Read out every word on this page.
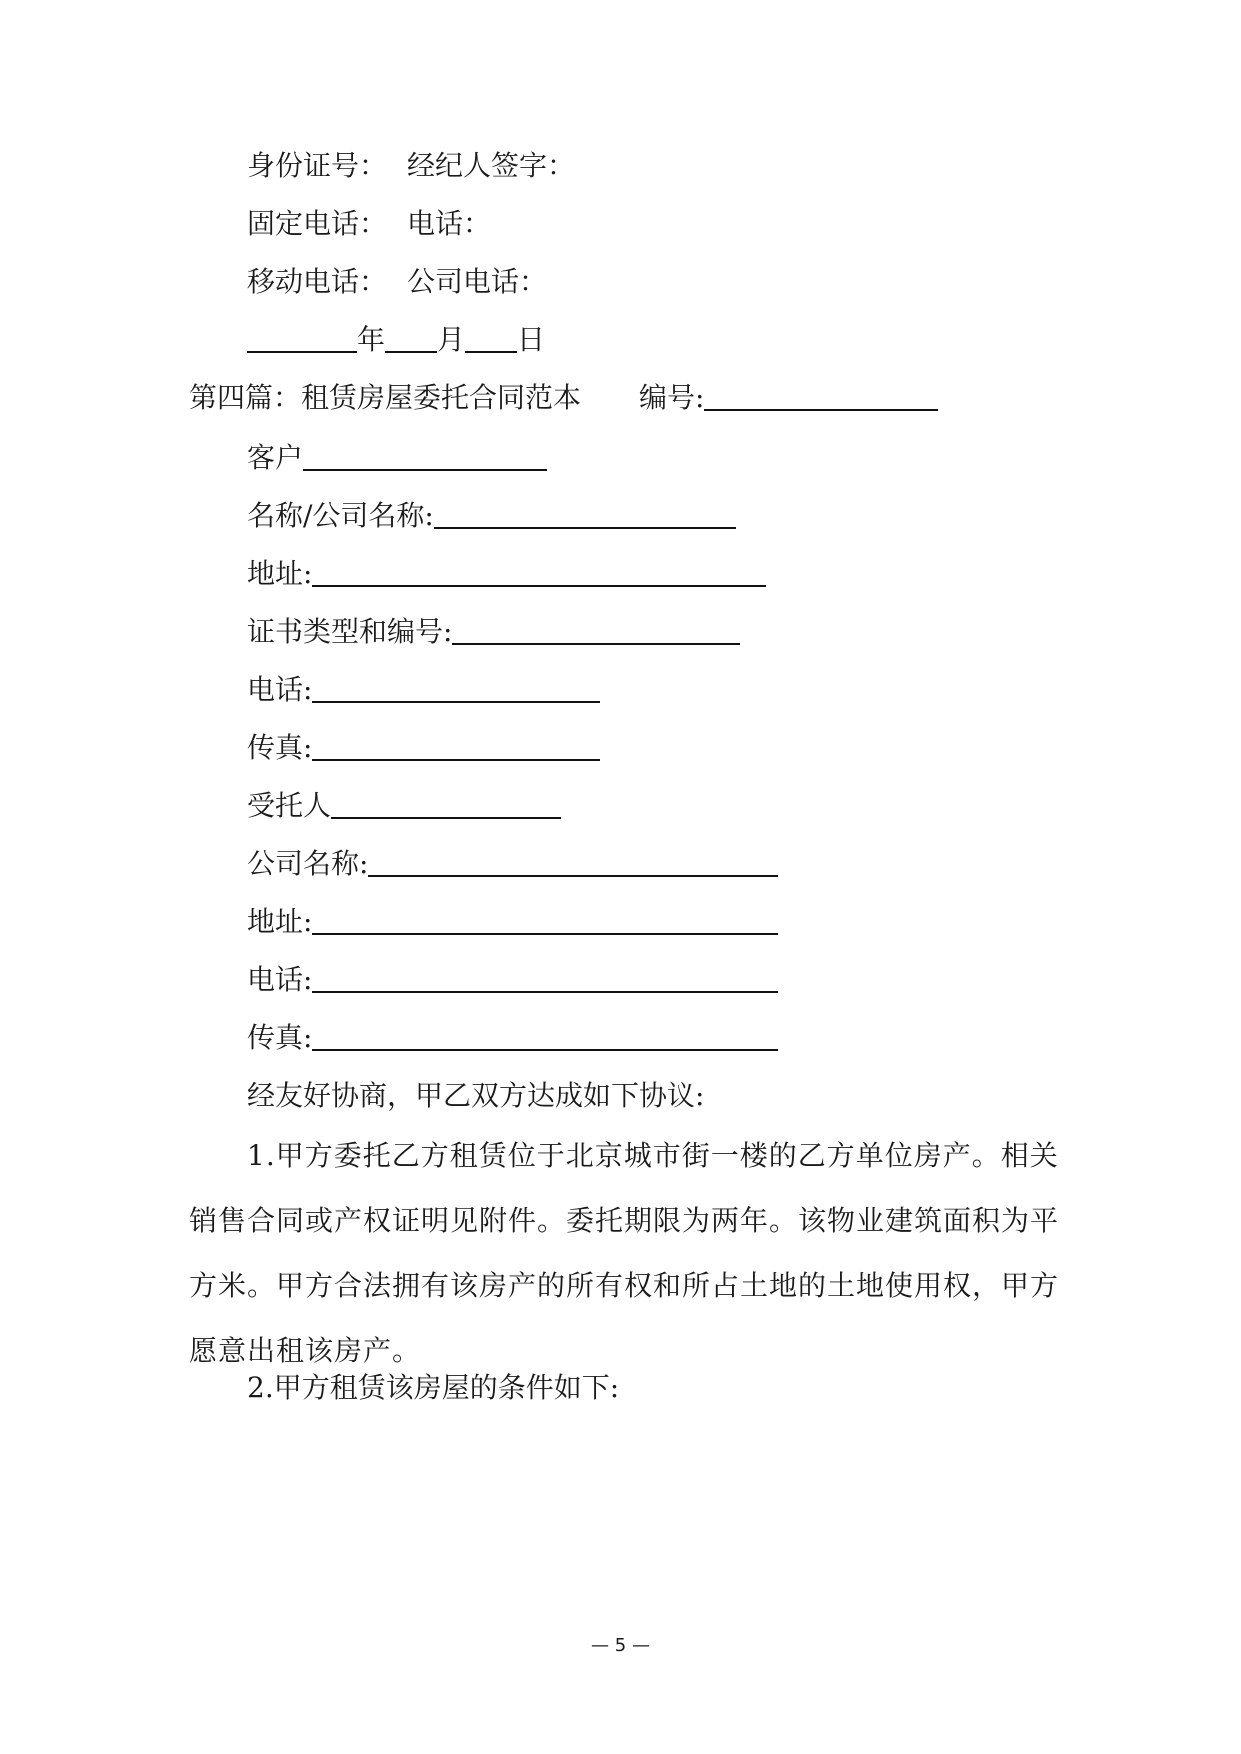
身份证号： 经纪人签字：
固定电话： 电话：
移动电话： 公司电话：
年 月 日
第四篇：租赁房屋委托合同范本 编号:
客户
名称/公司名称:
地址:
证书类型和编号:
电话:
传真:
受托人
公司名称:
地址:
电话:
传真:
经友好协商，甲乙双方达成如下协议:
1.甲方委托乙方租赁位于北京城市街一楼的乙方单位房产。相关销售合同或产权证明见附件。委托期限为两年。该物业建筑面积为平方米。甲方合法拥有该房产的所有权和所占土地的土地使用权，甲方愿意出租该房产。
2.甲方租赁该房屋的条件如下:
— 5 —
